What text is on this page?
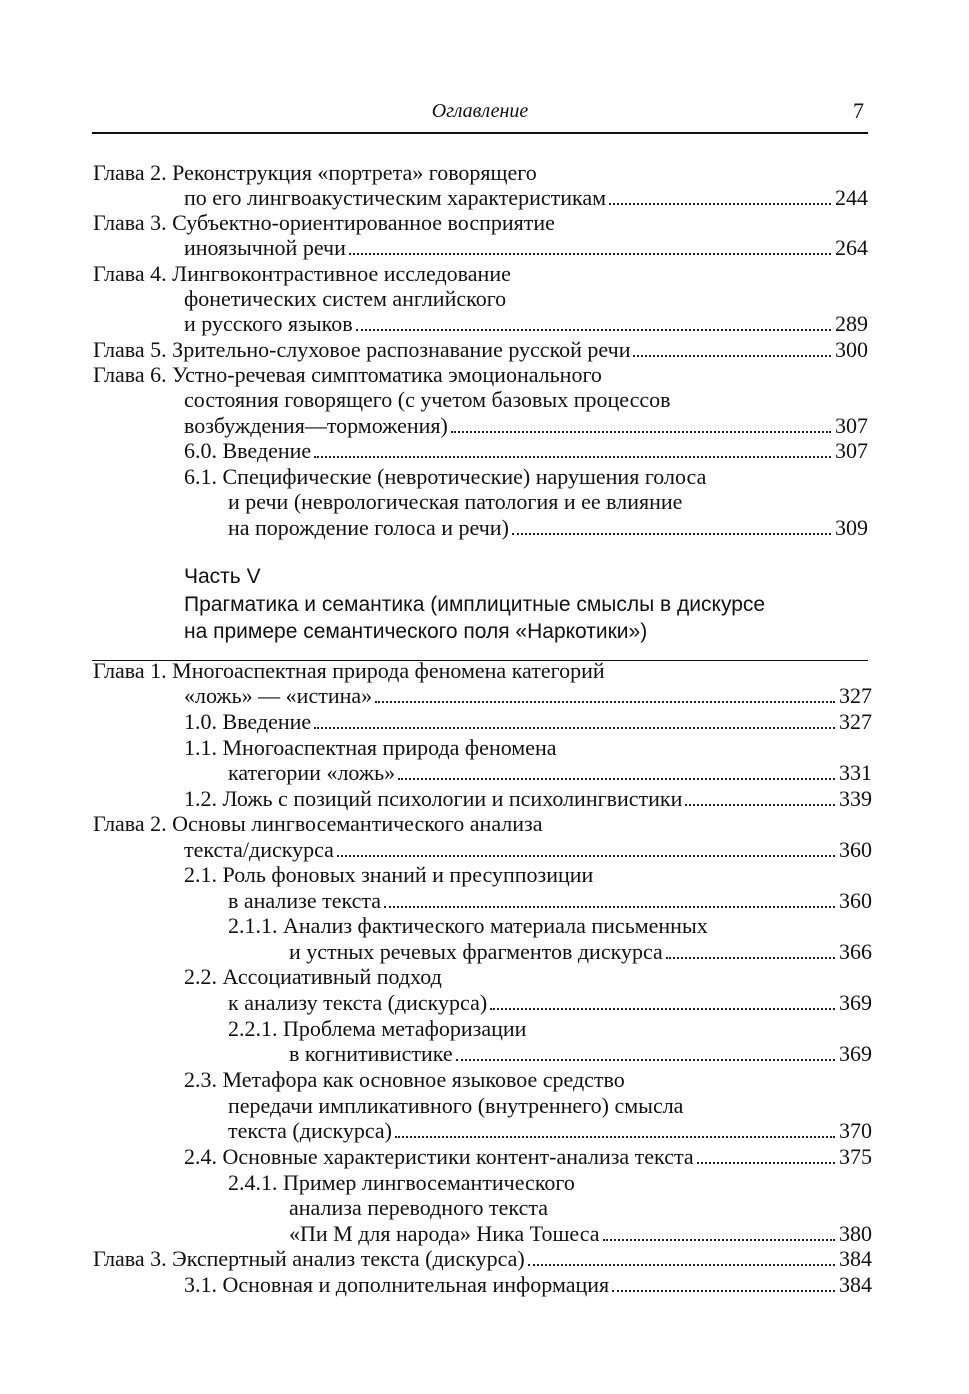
Оглавление	7
Глава 2. Реконструкция «портрета» говорящего
по его лингвоакустическим характеристикам	244
Глава 3. Субъектно-ориентированное восприятие
иноязычной речи	264
Глава 4. Лингвоконтрастивное исследование
фонетических систем английского
и русского языков	289
Глава 5. Зрительно-слуховое распознавание русской речи	300
Глава 6. Устно-речевая симптоматика эмоционального
состояния говорящего (с учетом базовых процессов
возбуждения—торможения)	307
6.0. Введение	307
6.1. Специфические (невротические) нарушения голоса
и речи (неврологическая патология и ее влияние
на порождение голоса и речи)	309
Часть V
Прагматика и семантика (имплицитные смыслы в дискурсе
на примере семантического поля «Наркотики»)
Глава 1. Многоаспектная природа феномена категорий
«ложь» — «истина»	327
1.0. Введение	327
1.1. Многоаспектная природа феномена
категории «ложь»	331
1.2. Ложь с позиций психологии и психолингвистики	339
Глава 2. Основы лингвосемантического анализа
текста/дискурса	360
2.1. Роль фоновых знаний и пресуппозиции
в анализе текста	360
2.1.1. Анализ фактического материала письменных
и устных речевых фрагментов дискурса	366
2.2. Ассоциативный подход
к анализу текста (дискурса)	369
2.2.1. Проблема метафоризации
в когнитивистике	369
2.3. Метафора как основное языковое средство
передачи импликативного (внутреннего) смысла
текста (дискурса)	370
2.4. Основные характеристики контент-анализа текста	375
2.4.1. Пример лингвосемантического
анализа переводного текста
«Пи М для народа» Ника Тошеса	380
Глава 3. Экспертный анализ текста (дискурса)	384
3.1. Основная и дополнительная информация	384
